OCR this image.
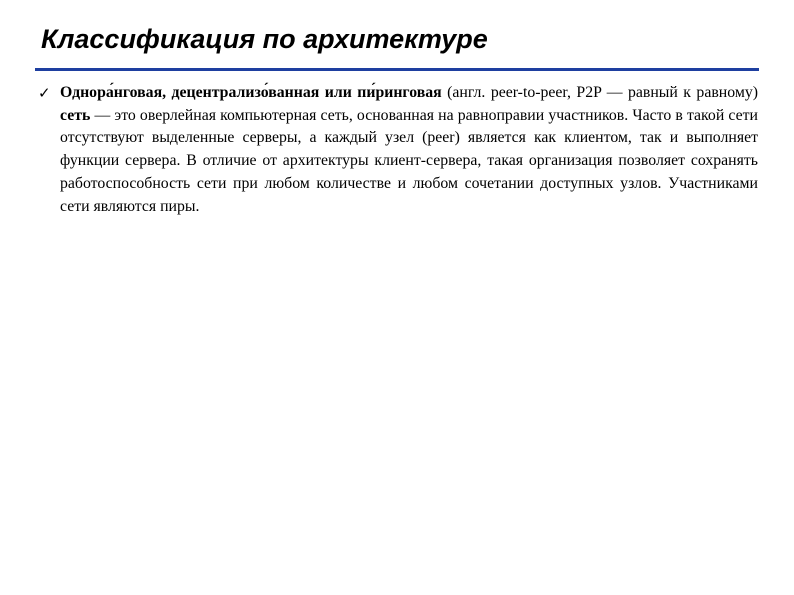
Классификация по архитектуре
✓ Однора́нговая, децентрализо́ванная или пи́ринговая (англ. peer-to-peer, P2P — равный к равному) сеть — это оверлейная компьютерная сеть, основанная на равноправии участников. Часто в такой сети отсутствуют выделенные серверы, а каждый узел (peer) является как клиентом, так и выполняет функции сервера. В отличие от архитектуры клиент-сервера, такая организация позволяет сохранять работоспособность сети при любом количестве и любом сочетании доступных узлов. Участниками сети являются пиры.
